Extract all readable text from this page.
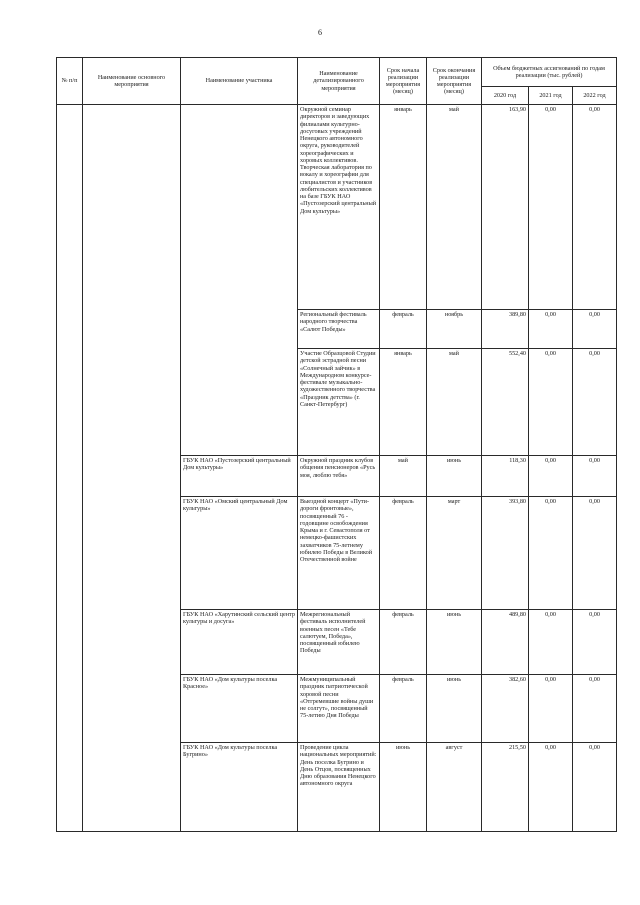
6
№ п/п	Наименование основного мероприятия	Наименование участника	Наименование детализированного мероприятия	Срок начала реализации мероприятия (месяц)	Срок окончания реализации мероприятия (месяц)	Объем бюджетных ассигнований по годам реализации (тыс. рублей)		
						2020 год	2021 год	2022 год
			Окружной семинар директоров и заведующих филиалами культурно-досуговых учреждений Ненецкого автономного округа, руководителей хореографических и хоровых коллективов. Творческая лаборатория по вокалу и хореографии для специалистов и участников любительских коллективов на базе ГБУК НАО «Пустозерский центральный Дом культуры»	январь	май	163,90	0,00	0,00
			Региональный фестиваль народного творчества «Салют Победы»	февраль	ноябрь	389,80	0,00	0,00
			Участие Образцовой Студии детской эстрадной песни «Солнечный зайчик» в Международном конкурсе-фестивале музыкально-художественного творчества «Праздник детства» (г. Санкт-Петербург)	январь	май	552,40	0,00	0,00
		ГБУК НАО «Пустозерский центральный Дом культуры»	Окружной праздник клубов общения пенсионеров «Русь моя, люблю тебя»	май	июнь	118,30	0,00	0,00
		ГБУК НАО «Омский центральный Дом культуры»	Выездной концерт «Пути-дороги фронтовые», посвященный 76 - годовщине освобождения Крыма и г. Севастополя от немецко-фашистских захватчиков 75-летнему юбилею Победы в Великой Отечественной войне	февраль	март	393,80	0,00	0,00
		ГБУК НАО «Харутинский сельский центр культуры и досуга»	Межрегиональный фестиваль исполнителей военных песен «Тебе салютуем, Победа», посвященный юбилею Победы	февраль	июнь	489,80	0,00	0,00
		ГБУК НАО «Дом культуры поселка Красное»	Межмуниципальный праздник патриотической хоровой песни «Отгремевшие войны души не солгут», посвященный 75-летию Дня Победы	февраль	июнь	382,60	0,00	0,00
		ГБУК НАО «Дом культуры поселка Бугрино»	Проведение цикла национальных мероприятий: День поселка Бугрино и День Отцов, посвященных Дню образования Ненецкого автономного округа	июнь	август	215,50	0,00	0,00
